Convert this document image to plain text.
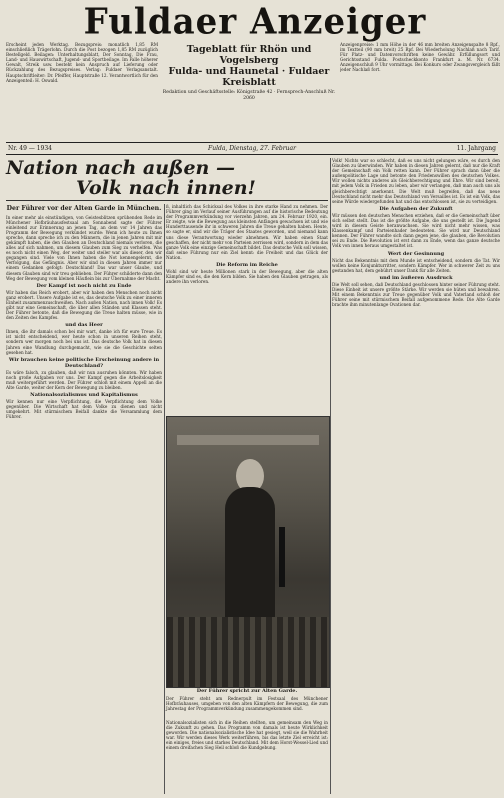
Fuldaer Anzeiger
Erscheint jeden Werktag. Bezugspreis: monatlich 1,85 RM einschließlich Trägerlohn. Durch die Post bezogen 1,85 RM zuzüglich Bestellgeld. Beilagen: Unterhaltungsblatt, Der Sonntag, Die Frau, Land- und Hauswirtschaft, Jugend- und Sportbeilage. Im Falle höherer Gewalt, Streik usw. besteht kein Anspruch auf Lieferung oder Rückzahlung des Bezugspreises. Verlag: Fuldaer Verlagsanstalt. Hauptschriftleiter: Dr. Pfeiffer, Hauptstraße 12. Verantwortlich für den Anzeigenteil: H. Oswald.
Tageblatt für Rhön und Vogelsberg
Fulda- und Haunetal · Fuldaer Kreisblatt
Redaktion und Geschäftsstelle: Königstraße 42 · Fernsprech-Anschluß Nr. 2060
Anzeigenpreise: 1 mm Höhe in der 46 mm breiten Anzeigenspalte 8 Rpf., im Textteil (90 mm breit) 25 Rpf. Bei Wiederholung Nachlaß nach Tarif. Für Platz- und Datenvorschriften keine Gewähr. Erfüllungsort und Gerichtsstand Fulda. Postscheckkonto Frankfurt a. M. Nr. 6734. Anzeigenschluß 9 Uhr vormittags. Bei Konkurs oder Zwangsvergleich fällt jeder Nachlaß fort.
Nr. 49 — 1934	Fulda, Dienstag, 27. Februar	11. Jahrgang
Nation nach außen —
Volk nach innen!
Der Führer vor der Alten Garde in München.
In einer mehr als einstündigen, von Geistesblitzen sprühenden Rede im Münchener Hofbräuhausfestsaal am Sonnabend sagte der Führer einleitend zur Erinnerung an jenen Tag, an dem vor 14 Jahren das Programm der Bewegung verkündet wurde: Wenn ich heute zu Ihnen spreche, dann spreche ich zu den Männern, die in jenen Jahren mit mir gekämpft haben, die den Glauben an Deutschland niemals verloren, die alles auf sich nahmen, um diesem Glauben zum Sieg zu verhelfen. Was es noch nicht einen Weg, der weiter und steiler war als dieser, den wir gegangen sind. Viele von Ihnen haben die Not kennengelernt, die Verfolgung, das Gefängnis. Aber wir sind in diesen Jahren immer nur einem Gedanken gefolgt: Deutschland! Das war unser Glaube, und diesem Glauben sind wir treu geblieben. Der Führer schilderte dann den Weg der Bewegung vom kleinen Häuflein bis zur Übernahme der Macht.
Der Kampf ist noch nicht zu Ende
Wir haben das Reich erobert, aber wir haben den Menschen noch nicht ganz erobert. Unsere Aufgabe ist es, das deutsche Volk zu einer inneren Einheit zusammenzuschweißen. Nach außen Nation, nach innen Volk! Es gibt nur eine Gemeinschaft, die über allen Ständen und Klassen steht. Der Führer betonte, daß die Bewegung die Treue halten müsse, wie in den Zeiten des Kampfes.
und das Heer
Ihnen, die ihr damals schon bei mir wart, danke ich für eure Treue. Es ist nicht entscheidend, wer heute schon in unseren Reihen steht, sondern wer morgen noch bei uns ist. Das deutsche Volk hat in diesen Jahren eine Wandlung durchgemacht, wie sie die Geschichte selten gesehen hat.
Wir brauchen keine politische Erscheinung andere in Deutschland?
Es wäre falsch, zu glauben, daß wir nun ausruhen könnten. Wir haben noch große Aufgaben vor uns. Der Kampf gegen die Arbeitslosigkeit muß weitergeführt werden. Der Führer schloß mit einem Appell an die Alte Garde, weiter der Kern der Bewegung zu bleiben.
Nationalsozialismus und Kapitalismus
Wir kennen nur eine Verpflichtung, die Verpflichtung dem Volke gegenüber. Die Wirtschaft hat dem Volke zu dienen und nicht umgekehrt. Mit stürmischem Beifall dankte die Versammlung dem Führer.
ß, inhaltlich das Schicksal des Volkes in ihre starke Hand zu nehmen. Der Führer ging im Verlauf seiner Ausführungen auf die historische Bedeutung der Programmverkündung vor vierzehn Jahren, am 24. Februar 1920, ein. Er zeigte, wie die Bewegung aus kleinsten Anfängen gewachsen ist und wie Hunderttausende ihr in schweren Jahren die Treue gehalten haben. Heute, so sagte er, sind wir die Träger des Staates geworden, und niemand kann uns diese Verantwortung wieder abnehmen. Wir haben einen Staat geschaffen, der nicht mehr von Parteien zerrissen wird, sondern in dem das ganze Volk eine einzige Gemeinschaft bildet. Das deutsche Volk soll wissen, daß seine Führung nur ein Ziel kennt: die Freiheit und das Glück der Nation.
Die Reform im Reiche
Wohl sind wir heute Millionen stark in der Bewegung, aber die alten Kämpfer sind es, die den Kern bilden. Sie haben den Glauben getragen, als andere ihn verloren.
Der Führer spricht zur Alten Garde.
Der Führer steht am Rednerpult im Festsaal des Münchener Hofbräuhauses, umgeben von den alten Kämpfern der Bewegung, die zum Jahrestag der Programmverkündung zusammengekommen sind.
Nationalsozialisten sich in die Reihen stellten, um gemeinsam den Weg in die Zukunft zu gehen. Das Programm von damals ist heute Wirklichkeit geworden. Die nationalsozialistische Idee hat gesiegt, weil sie die Wahrheit war. Wir werden dieses Werk weiterführen, bis das letzte Ziel erreicht ist: ein einiges, freies und starkes Deutschland. Mit dem Horst-Wessel-Lied und einem dreifachen Sieg Heil schloß die Kundgebung.
Volk! Nichts war so schlecht, daß es uns nicht gelungen wäre, es durch den Glauben zu überwinden. Wir haben in diesen Jahren gelernt, daß nur die Kraft der Gemeinschaft ein Volk retten kann. Der Führer sprach dann über die außenpolitische Lage und betonte den Friedenswillen des deutschen Volkes. Wir wollen nichts anderes als Gleichberechtigung und Ehre. Wir sind bereit, mit jedem Volk in Frieden zu leben, aber wir verlangen, daß man auch uns als gleichberechtigt anerkennt. Die Welt muß begreifen, daß das neue Deutschland nicht mehr das Deutschland von Versailles ist. Es ist ein Volk, das seine Würde wiedergefunden hat und das entschlossen ist, sie zu verteidigen.
Die Aufgaben der Zukunft
Wir müssen den deutschen Menschen erziehen, daß er die Gemeinschaft über sich selbst stellt. Das ist die größte Aufgabe, die uns gestellt ist. Die Jugend wird in diesem Geiste heranwachsen. Sie wird nicht mehr wissen, was Klassenkampf und Parteienhader bedeuteten. Sie wird nur Deutschland kennen. Der Führer wandte sich dann gegen jene, die glauben, die Revolution sei zu Ende. Die Revolution ist erst dann zu Ende, wenn das ganze deutsche Volk von innen heraus umgestaltet ist.
Wert der Gesinnung
Nicht das Bekenntnis mit dem Munde ist entscheidend, sondern die Tat. Wir wollen keine Konjunkturritter, sondern Kämpfer. Wer in schwerer Zeit zu uns gestanden hat, dem gebührt unser Dank für alle Zeiten.
und im äußeren Ausdruck
Die Welt soll sehen, daß Deutschland geschlossen hinter seiner Führung steht. Diese Einheit ist unsere größte Stärke. Wir werden sie hüten und bewahren. Mit einem Bekenntnis zur Treue gegenüber Volk und Vaterland schloß der Führer seine mit stürmischem Beifall aufgenommene Rede. Die Alte Garde brachte ihm minutenlange Ovationen dar.
